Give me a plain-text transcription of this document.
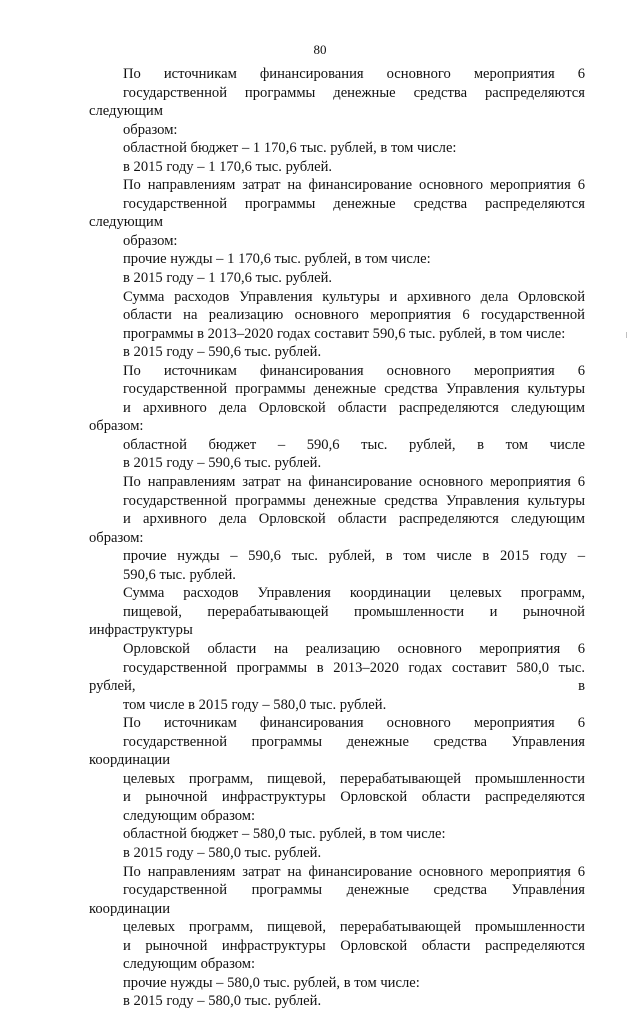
80
По источникам финансирования основного мероприятия 6
государственной программы денежные средства распределяются следующим
образом:
областной бюджет – 1 170,6 тыс. рублей, в том числе:
в 2015 году – 1 170,6 тыс. рублей.
По направлениям затрат на финансирование основного мероприятия 6
государственной программы денежные средства распределяются следующим
образом:
прочие нужды – 1 170,6 тыс. рублей, в том числе:
в 2015 году – 1 170,6 тыс. рублей.
Сумма расходов Управления культуры и архивного дела Орловской
области на реализацию основного мероприятия 6 государственной
программы в 2013–2020 годах составит 590,6 тыс. рублей, в том числе:
в 2015 году – 590,6 тыс. рублей.
По источникам финансирования основного мероприятия 6
государственной программы денежные средства Управления культуры
и архивного дела Орловской области распределяются следующим образом:
областной бюджет – 590,6 тыс. рублей, в том числе
в 2015 году – 590,6 тыс. рублей.
По направлениям затрат на финансирование основного мероприятия 6
государственной программы денежные средства Управления культуры
и архивного дела Орловской области распределяются следующим образом:
прочие нужды – 590,6 тыс. рублей, в том числе в 2015 году –
590,6 тыс. рублей.
Сумма расходов Управления координации целевых программ,
пищевой, перерабатывающей промышленности и рыночной инфраструктуры
Орловской области на реализацию основного мероприятия 6
государственной программы в 2013–2020 годах составит 580,0 тыс. рублей, в
том числе в 2015 году – 580,0 тыс. рублей.
По источникам финансирования основного мероприятия 6
государственной программы денежные средства Управления координации
целевых программ, пищевой, перерабатывающей промышленности
и рыночной инфраструктуры Орловской области распределяются
следующим образом:
областной бюджет – 580,0 тыс. рублей, в том числе:
в 2015 году – 580,0 тыс. рублей.
По направлениям затрат на финансирование основного мероприятия 6
государственной программы денежные средства Управления координации
целевых программ, пищевой, перерабатывающей промышленности
и рыночной инфраструктуры Орловской области распределяются
следующим образом:
прочие нужды – 580,0 тыс. рублей, в том числе:
в 2015 году – 580,0 тыс. рублей.
